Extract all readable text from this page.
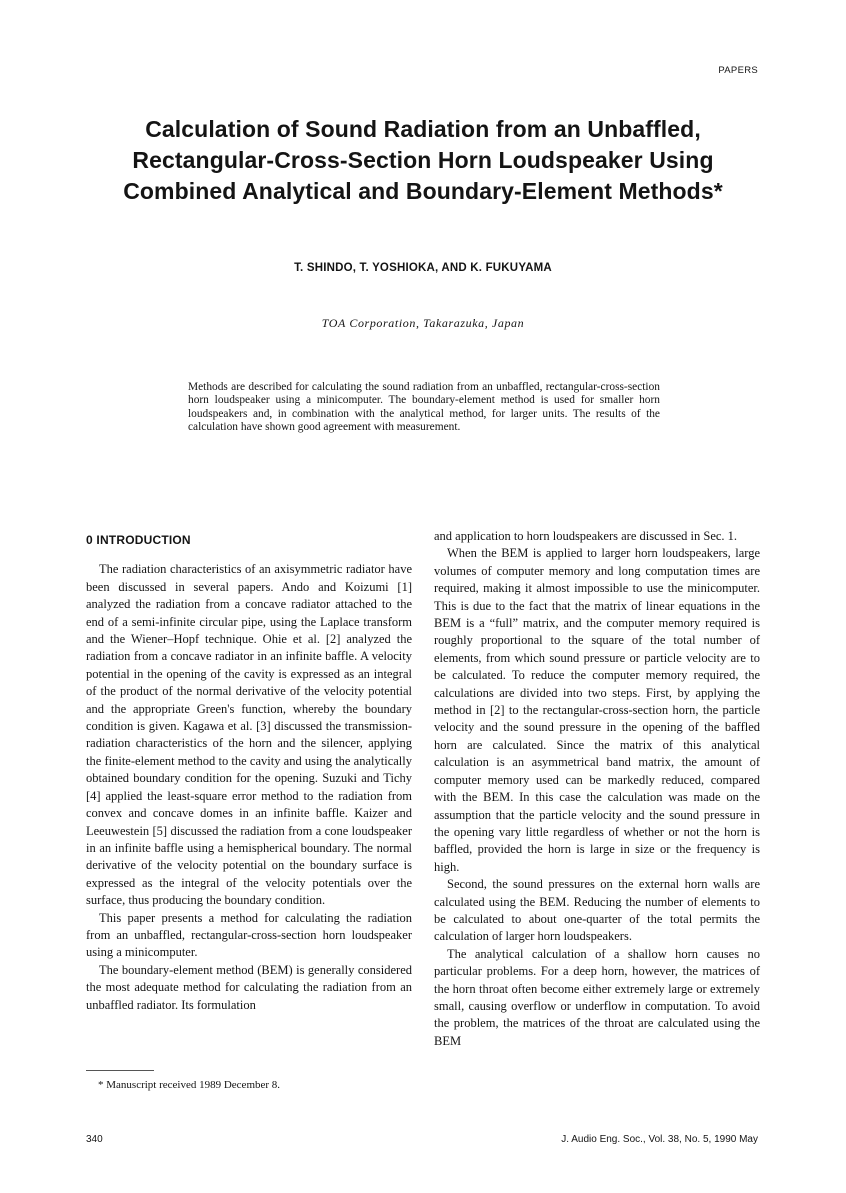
PAPERS
Calculation of Sound Radiation from an Unbaffled,
Rectangular-Cross-Section Horn Loudspeaker Using
Combined Analytical and Boundary-Element Methods*
T. SHINDO, T. YOSHIOKA, AND K. FUKUYAMA
TOA Corporation, Takarazuka, Japan
Methods are described for calculating the sound radiation from an unbaffled, rectangular-cross-section horn loudspeaker using a minicomputer. The boundary-element method is used for smaller horn loudspeakers and, in combination with the analytical method, for larger units. The results of the calculation have shown good agreement with measurement.
0 INTRODUCTION

The radiation characteristics of an axisymmetric radiator have been discussed in several papers. Ando and Koizumi [1] analyzed the radiation from a concave radiator attached to the end of a semi-infinite circular pipe, using the Laplace transform and the Wiener–Hopf technique. Ohie et al. [2] analyzed the radiation from a concave radiator in an infinite baffle. A velocity potential in the opening of the cavity is expressed as an integral of the product of the normal derivative of the velocity potential and the appropriate Green's function, whereby the boundary condition is given. Kagawa et al. [3] discussed the transmission-radiation characteristics of the horn and the silencer, applying the finite-element method to the cavity and using the analytically obtained boundary condition for the opening. Suzuki and Tichy [4] applied the least-square error method to the radiation from convex and concave domes in an infinite baffle. Kaizer and Leeuwestein [5] discussed the radiation from a cone loudspeaker in an infinite baffle using a hemispherical boundary. The normal derivative of the velocity potential on the boundary surface is expressed as the integral of the velocity potentials over the surface, thus producing the boundary condition.

This paper presents a method for calculating the radiation from an unbaffled, rectangular-cross-section horn loudspeaker using a minicomputer.

The boundary-element method (BEM) is generally considered the most adequate method for calculating the radiation from an unbaffled radiator. Its formulation

and application to horn loudspeakers are discussed in Sec. 1.

When the BEM is applied to larger horn loudspeakers, large volumes of computer memory and long computation times are required, making it almost impossible to use the minicomputer. This is due to the fact that the matrix of linear equations in the BEM is a “full” matrix, and the computer memory required is roughly proportional to the square of the total number of elements, from which sound pressure or particle velocity are to be calculated. To reduce the computer memory required, the calculations are divided into two steps. First, by applying the method in [2] to the rectangular-cross-section horn, the particle velocity and the sound pressure in the opening of the baffled horn are calculated. Since the matrix of this analytical calculation is an asymmetrical band matrix, the amount of computer memory used can be markedly reduced, compared with the BEM. In this case the calculation was made on the assumption that the particle velocity and the sound pressure in the opening vary little regardless of whether or not the horn is baffled, provided the horn is large in size or the frequency is high.

Second, the sound pressures on the external horn walls are calculated using the BEM. Reducing the number of elements to be calculated to about one-quarter of the total permits the calculation of larger horn loudspeakers.

The analytical calculation of a shallow horn causes no particular problems. For a deep horn, however, the matrices of the horn throat often become either extremely large or extremely small, causing overflow or underflow in computation. To avoid the problem, the matrices of the throat are calculated using the BEM

* Manuscript received 1989 December 8.
340	J. Audio Eng. Soc., Vol. 38, No. 5, 1990 May
